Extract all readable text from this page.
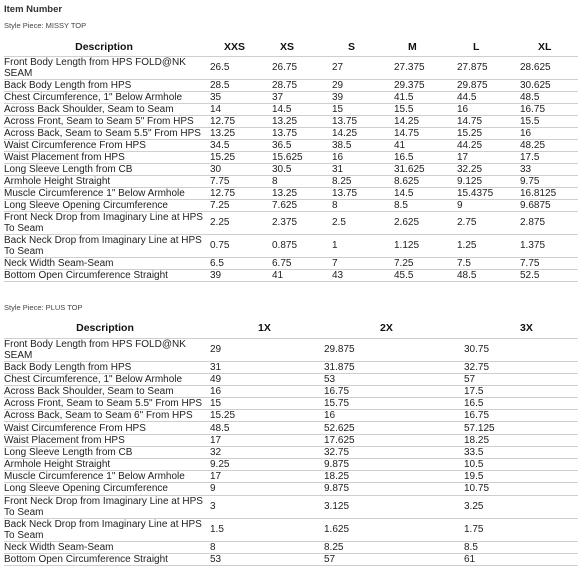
Item Number
Style Piece: MISSY TOP
Description	XXS	XS	S	M	L	XL
Front Body Length from HPS FOLD@NK SEAM	26.5	26.75	27	27.375	27.875	28.625
Back Body Length from HPS	28.5	28.75	29	29.375	29.875	30.625
Chest Circumference, 1" Below Armhole	35	37	39	41.5	44.5	48.5
Across Back Shoulder, Seam to Seam	14	14.5	15	15.5	16	16.75
Across Front, Seam to Seam 5" From HPS	12.75	13.25	13.75	14.25	14.75	15.5
Across Back, Seam to Seam 5.5" From HPS	13.25	13.75	14.25	14.75	15.25	16
Waist Circumference From HPS	34.5	36.5	38.5	41	44.25	48.25
Waist Placement from HPS	15.25	15.625	16	16.5	17	17.5
Long Sleeve Length from CB	30	30.5	31	31.625	32.25	33
Armhole Height Straight	7.75	8	8.25	8.625	9.125	9.75
Muscle Circumference 1" Below Armhole	12.75	13.25	13.75	14.5	15.4375	16.8125
Long Sleeve Opening Circumference	7.25	7.625	8	8.5	9	9.6875
Front Neck Drop from Imaginary Line at HPS To Seam	2.25	2.375	2.5	2.625	2.75	2.875
Back Neck Drop from Imaginary Line at HPS To Seam	0.75	0.875	1	1.125	1.25	1.375
Neck Width Seam-Seam	6.5	6.75	7	7.25	7.5	7.75
Bottom Open Circumference Straight	39	41	43	45.5	48.5	52.5
Style Piece: PLUS TOP
Description	1X	2X	3X
Front Body Length from HPS FOLD@NK SEAM	29	29.875	30.75
Back Body Length from HPS	31	31.875	32.75
Chest Circumference, 1" Below Armhole	49	53	57
Across Back Shoulder, Seam to Seam	16	16.75	17.5
Across Front, Seam to Seam 5.5" From HPS	15	15.75	16.5
Across Back, Seam to Seam 6" From HPS	15.25	16	16.75
Waist Circumference From HPS	48.5	52.625	57.125
Waist Placement from HPS	17	17.625	18.25
Long Sleeve Length from CB	32	32.75	33.5
Armhole Height Straight	9.25	9.875	10.5
Muscle Circumference 1" Below Armhole	17	18.25	19.5
Long Sleeve Opening Circumference	9	9.875	10.75
Front Neck Drop from Imaginary Line at HPS To Seam	3	3.125	3.25
Back Neck Drop from Imaginary Line at HPS To Seam	1.5	1.625	1.75
Neck Width Seam-Seam	8	8.25	8.5
Bottom Open Circumference Straight	53	57	61
